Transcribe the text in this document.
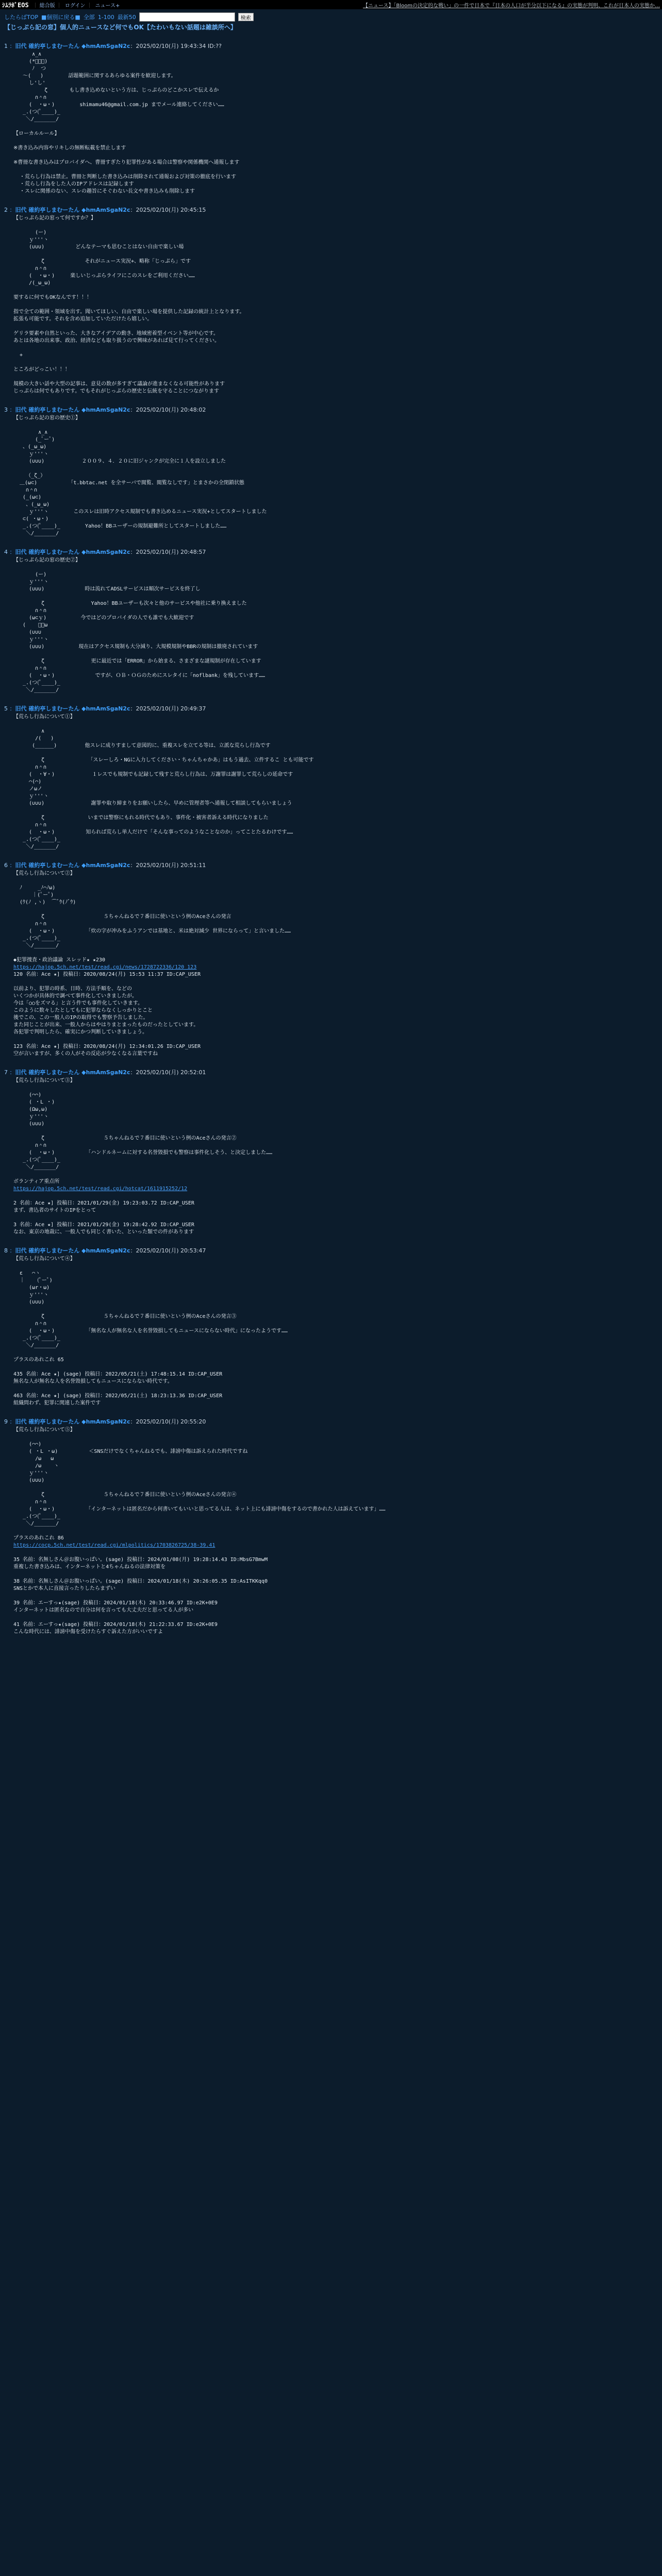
ｼﾑﾗﾎﾞEOS ｜ 総合版 ｜ ログイン ｜ ニュース+	【ニュース】「Bloomの決定的な戦い」の一件で日本で『日本の人口が半分以下になる』の実態が判明、これが日本人の実態か…
したらばTOP ■個別に戻る■ 全部 1-100 最新50	検索
【じっぷら記の窓】個人的ニュースなど何でもOK【たわいもない話題は雑談所へ】
1 ：旧代 確約亭しまむーたん ◆hmAmSgaN2c：2025/02/10(月) 19:43:34 ID:??
∧_∧
(*ﾟーﾟ)
ﾉ  つ
〜(   )        話題範囲に関するあらゆる案件を歓迎します。
し'し'
ζ       もし書き込めないという方は、じっぷらのどこかスレで伝えるか
∩＾∩
(  ・ω・)        shimamu46@gmail.com.jp までメール連絡してください……
_.(つ(ﾟ____)_
＼/_______/

【ローカルルール】

※書き込み内容やリキしの無断転載を禁止します

※曹冊な書き込みはプロバイダへ、曹冊すぎたり犯罪性がある場合は警察や関係機関へ通報します

・荒らし行為は禁止。曹冊と判断した書き込みは削除されて通報および対策の徹底を行います
・荒らし行為をした人のIPアドレスは記録します
・スレに関係のない、スレの趣旨にそぐわない長文や書き込みも削除します
2 ：旧代 確約亭しまむーたん ◆hmAmSgaN2c：2025/02/10(月) 20:45:15
【じっぷら記の窓って何ですか？】

(ー)
ｙ'''ヽ
(∪∪∪)          どんなテーマも思むことはない自由で楽しい場

ζ             それがニュース実況+、略称「じっぷら」です
∩＾∩
(  ・ω・)     楽しいじっぷらライフにこのスレをご利用ください……
/(_ω_ω)

要するに何でもOKなんです！！！

指で全ての範囲・領域を出す。聞いてほしい、自由で楽しい場を提供した記録の統計上となります。
拡張も可能です。それを含め追加していただけたら嬉しい。

ゲリラ要素や自然といった、大きなアイデアの動き、地域密着型イベント等が中心です。
あとは各地の出来事、政治、経済なども取り扱うので興味があれば見て行ってください。

+

ところがどっこい！！！

規模の大きい話や大型の記事は、意見の数が多すぎて議論が進まなくなる可能性があります
じっぷらは何でもありです。でもそれがじっぷらの歴史と伝統を守ることにつながります
3 ：旧代 確約亭しまむーたん ◆hmAmSgaN2c：2025/02/10(月) 20:48:02
【じっぷら記の窓の歴史①】

∧_∧
(_ﾟーﾟ)
、(_ω_ω)
ｙ'''ヽ
(∪∪∪)            ２００９、４．２０に旧ジャンクが完全に１人を設立しました

（_ζ_）
＿(ω⊂)          「t.bbtac.net を全サーバで閲覧、閲覧なしです」とまさかの全閉鎖状態
∩＾∩
(_(ω⊂)
、(_ω_ω)
ｙ'''ヽ        このスレは旧時アクセス規制でも書き込めるニュース実況+としてスタートしました
⊂( ・ω・)
_.(つ(ﾟ____)_        Yahoo！BBユーザーの規制避難所としてスタートしました……
＼/_______/
4 ：旧代 確約亭しまむーたん ◆hmAmSgaN2c：2025/02/10(月) 20:48:57
【じっぷら記の窓の歴史②】

(ー)
ｙ'''ヽ
(∪∪∪)             時は流れてADSLサービスは順次サービスを終了し

ζ               Yahoo！BBユーザーも次々と他のサービスや他社に乗り換えました
∩＾∩
(ω⊂ｙ)           今ではどのプロバイダの人でも誰でも大歓迎です
(    ﾟーω
(∪∪∪
ｙ'''ヽ
(∪∪∪)           現在はアクセス規制も大分減り、大規模規制やBBRの規制は撤廃されています

ζ               更に最近では「ERROR」から始まる、さまざまな謎規制が存在しています
∩＾∩
(  ・ω・)             ですが、ＯＢ・ＯＧのためにスレタイに「noflbank」を残しています……
_.(つ(ﾟ____)_
＼/_______/
5 ：旧代 確約亭しまむーたん ◆hmAmSgaN2c：2025/02/10(月) 20:49:37
【荒らし行為について①】

∧
/(   )
(______)         他スレに成りすまして意図的に、重複スレを立てる等は、立派な荒らし行為です

ζ              「スレーしろ・NGに入力してください・ちゃんちゃかあ」はもう過去、立件するこ とも可能です
∩＾∩
(  ・∀・)            １レスでも規制でも記録して残すと荒らし行為は、万謝罪は謝罪して荒らしの延命です
⌒(⌒)
ノωノ
ｙ'''ヽ
(∪∪∪)               謝罪や取り締まりをお願いしたら、早めに管理者等へ通報して相談してもらいましょう

ζ              いまでは警察にもれる時代でもあり、事件化・被害者訴える時代になりました
∩＾∩
(  ・ω・)          知られば荒らし単人だけで「そんな事ってのようなことなのか」ってことたるわけです……
_.(つ(ﾟ____)_
＼/_______/
6 ：旧代 確約亭しまむーたん ◆hmAmSgaN2c：2025/02/10(月) 20:51:11
【荒らし行為について②】

ﾉ     _ﾉ⌒ﾉω)
｜(ﾟーﾟ)
(ｳ(ﾉ ,ヽ)  ⌒ﾞｳ(ﾉﾞｳ)

ζ                   ５ちゃんねるで７番目に使いという例のAceさんの発言
∩＾∩
(  ・ω・)          「炊の字が冲みをふうアンでは基地と、米は絶対減少 世界にならって」と言いました……
_.(つ(ﾟ____)_
＼/_______/

◆犯罪捜査・政治議論 スレッド★ ★230
https://hajop.5ch.net/test/read.cgi/news/1728722336/120 123
120 名前：Ace ★] 投稿日：2020/08/24(月) 15:53 11:37 ID:CAP_USER

以前より、犯罪の時系、日時、方法手順を、などの
いくつかが具体的で調べて事件化していきましたが。
今は「○○をズマる」と言う件でも事件化していきます。
このように数々したとしてもに犯罪ならなくしっかりとこと
後でこの、この一般人のIPの取得でも警察予告しました。
また同じことが出来、一般人からはやはりまとまったものだったとしています。
各犯罪で判明したら、確実にかつ判断していきましょう。

123 名前：Ace ★] 投稿日：2020/08/24(月) 12:34:01.26 ID:CAP_USER
空が言いますが、多くの人がその反応が少なくなる言葉ですね
7 ：旧代 確約亭しまむーたん ◆hmAmSgaN2c：2025/02/10(月) 20:52:01
【荒らし行為について③】

(⌒⌒)
( ・L ・)
(Ωω,ω)
ｙ'''ヽ
(∪∪∪)

ζ                   ５ちゃんねるで７番目に使いという例のAceさんの発言②
∩＾∩
(  ・ω・)          「ハンドルネームに対する名誉毀損でも警察は事件化しそう、と決定しました……
_.(つ(ﾟ____)_
＼/_______/

ボランティア重点所
https://hajop.5ch.net/test/read.cgi/hotcat/1611915252/12

2 名前：Ace ★] 投稿日：2021/01/29(金) 19:23:03.72 ID:CAP_USER
まず、書込者のサイトのIPをとって

3 名前：Ace ★] 投稿日：2021/01/29(金) 19:28:42.92 ID:CAP_USER
なお、東京の地裁に、一般人でも同じく書いた、といった類での件があります
8 ：旧代 確約亭しまむーたん ◆hmAmSgaN2c：2025/02/10(月) 20:53:47
【荒らし行為について④】

ε   ⌒ヽ
｜    (ﾟーﾟ)
(ωr・ω)
ｙ'''ヽ
(∪∪∪)

ζ                   ５ちゃんねるで７番目に使いという例のAceさんの発言③
∩＾∩
(  ・ω・)          「無名な人が無名な人を名誉毀損してもニュースにならない時代」になったようです……
_.(つ(ﾟ____)_
＼/_______/

プラスのあれこれ 65

435 名前：Ace ★] (sage) 投稿日：2022/05/21(土) 17:48:15.14 ID:CAP_USER
無名な人が無名な人を名誉毀損してもニュースにならない時代です。

463 名前：Ace ★] (sage) 投稿日：2022/05/21(土) 18:23:13.36 ID:CAP_USER
組織問わず、犯罪に関連した案件です
9 ：旧代 確約亭しまむーたん ◆hmAmSgaN2c：2025/02/10(月) 20:55:20
【荒らし行為について⑤】

(⌒⌒)
( ・L ・ω)          ＜SNSだけでなくちゃんねるでも、誹謗中傷は訴えられた時代ですね
/ω   ω
/ω    ヽ
ｙ'''ヽ
(∪∪∪)

ζ                   ５ちゃんねるで７番目に使いという例のAceさんの発言④
∩＾∩
(  ・ω・)          「インターネットは匿名だから何書いてもいいと思ってる人は、ネット上にも誹謗中傷をするので書かれた人は訴えています」……
_.(つ(ﾟ____)_
＼/_______/

プラスのあれこれ 86
https://cocp.5ch.net/test/read.cgi/mlpolitics/1703826725/38-39.41

35 名前：名無しさん＠お腹いっぱい。(sage) 投稿日：2024/01/08(月) 19:28:14.43 ID:MbsG7BmwM
重複した書き込みは、インターネットと4ちゃんねるの法律対策を

38 名前：名無しさん＠お腹いっぱい。(sage) 投稿日：2024/01/18(木) 20:26:05.35 ID:AsITKKqq0
SNSとかで本人に直接言ったりしたらまずい

39 名前：エーすっ★(sage) 投稿日：2024/01/18(木) 20:33:46.97 ID:e2K+0E9
インターネットは匿名なので自分は何を言っても大丈夫だと思ってる人が多い

41 名前：エーすっ★(sage) 投稿日：2024/01/18(木) 21:22:33.67 ID:e2K+0E9
こんな時代には、誹謗中傷を受けたらすぐ訴えた方がいいですよ
